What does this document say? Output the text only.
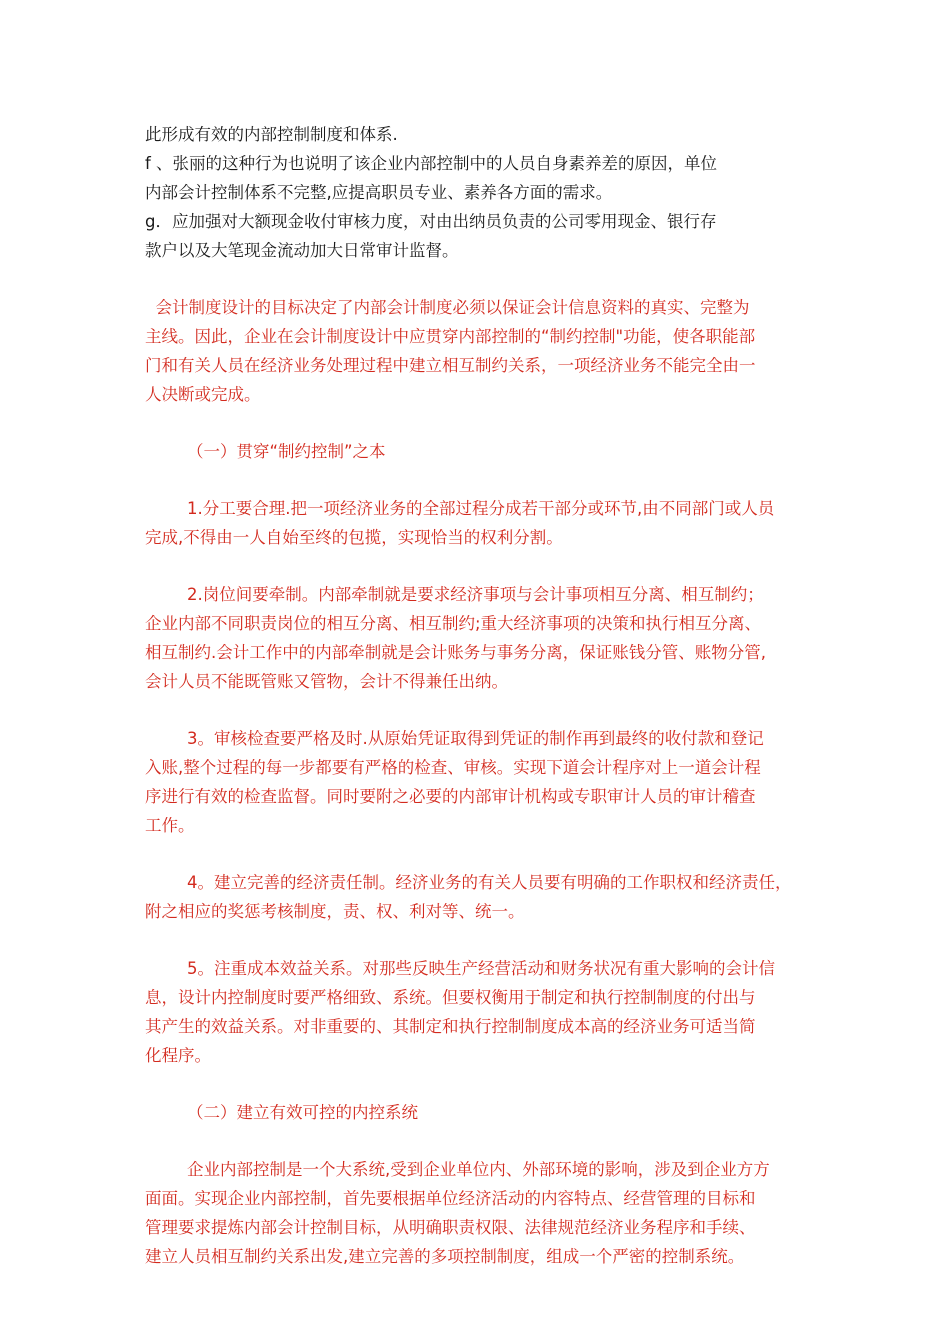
此形成有效的内部控制制度和体系.
f 、张丽的这种行为也说明了该企业内部控制中的人员自身素养差的原因，单位
内部会计控制体系不完整,应提高职员专业、素养各方面的需求。
g．应加强对大额现金收付审核力度，对由出纳员负责的公司零用现金、银行存
款户以及大笔现金流动加大日常审计监督。
会计制度设计的目标决定了内部会计制度必须以保证会计信息资料的真实、完整为
主线。因此，企业在会计制度设计中应贯穿内部控制的“制约控制"功能，使各职能部
门和有关人员在经济业务处理过程中建立相互制约关系，一项经济业务不能完全由一
人决断或完成。
（一）贯穿“制约控制”之本
1.分工要合理.把一项经济业务的全部过程分成若干部分或环节,由不同部门或人员
完成,不得由一人自始至终的包揽，实现恰当的权利分割。
2.岗位间要牵制。内部牵制就是要求经济事项与会计事项相互分离、相互制约；
企业内部不同职责岗位的相互分离、相互制约;重大经济事项的决策和执行相互分离、
相互制约.会计工作中的内部牵制就是会计账务与事务分离，保证账钱分管、账物分管,
会计人员不能既管账又管物，会计不得兼任出纳。
3。审核检查要严格及时.从原始凭证取得到凭证的制作再到最终的收付款和登记
入账,整个过程的每一步都要有严格的检查、审核。实现下道会计程序对上一道会计程
序进行有效的检查监督。同时要附之必要的内部审计机构或专职审计人员的审计稽查
工作。
4。建立完善的经济责任制。经济业务的有关人员要有明确的工作职权和经济责任，
附之相应的奖惩考核制度，责、权、利对等、统一。
5。注重成本效益关系。对那些反映生产经营活动和财务状况有重大影响的会计信
息，设计内控制度时要严格细致、系统。但要权衡用于制定和执行控制制度的付出与
其产生的效益关系。对非重要的、其制定和执行控制制度成本高的经济业务可适当简
化程序。
（二）建立有效可控的内控系统
企业内部控制是一个大系统,受到企业单位内、外部环境的影响，涉及到企业方方
面面。实现企业内部控制，首先要根据单位经济活动的内容特点、经营管理的目标和
管理要求提炼内部会计控制目标，从明确职责权限、法律规范经济业务程序和手续、
建立人员相互制约关系出发,建立完善的多项控制制度，组成一个严密的控制系统。
